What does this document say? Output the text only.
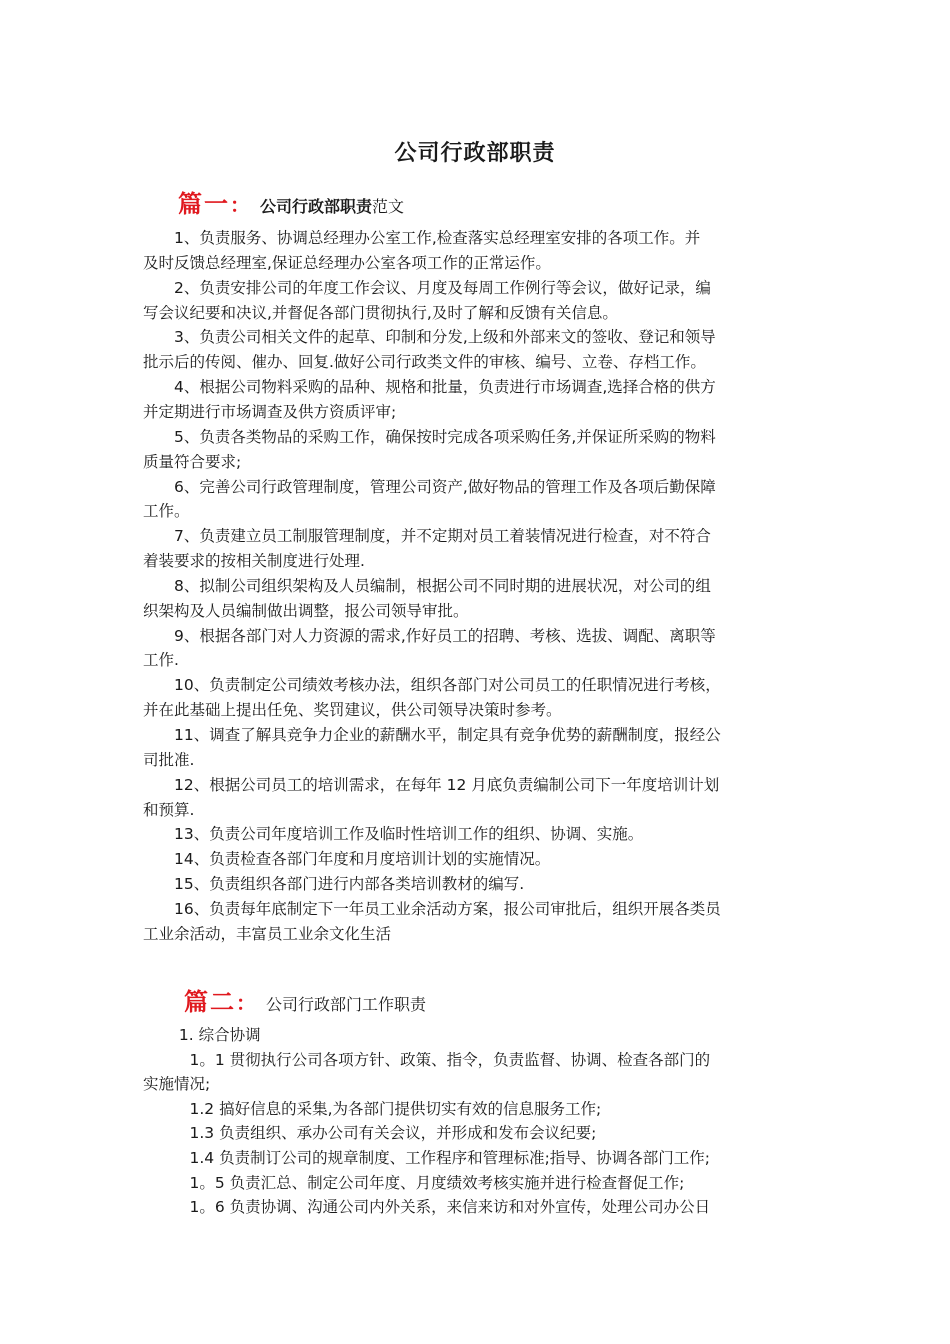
公司行政部职责
篇一 ： 公司行政部职责 范文
　　1、负责服务、协调总经理办公室工作,检查落实总经理室安排的各项工作。并
及时反馈总经理室,保证总经理办公室各项工作的正常运作。
　　2、负责安排公司的年度工作会议、月度及每周工作例行等会议，做好记录，编
写会议纪要和决议,并督促各部门贯彻执行,及时了解和反馈有关信息。
　　3、负责公司相关文件的起草、印制和分发,上级和外部来文的签收、登记和领导
批示后的传阅、催办、回复.做好公司行政类文件的审核、编号、立卷、存档工作。
　　4、根据公司物料采购的品种、规格和批量，负责进行市场调查,选择合格的供方
并定期进行市场调查及供方资质评审;
　　5、负责各类物品的采购工作，确保按时完成各项采购任务,并保证所采购的物料
质量符合要求;
　　6、完善公司行政管理制度，管理公司资产,做好物品的管理工作及各项后勤保障
工作。
　　7、负责建立员工制服管理制度，并不定期对员工着装情况进行检查，对不符合
着装要求的按相关制度进行处理.
　　8、拟制公司组织架构及人员编制，根据公司不同时期的进展状况，对公司的组
织架构及人员编制做出调整，报公司领导审批。
　　9、根据各部门对人力资源的需求,作好员工的招聘、考核、选拔、调配、离职等
工作.
　　10、负责制定公司绩效考核办法，组织各部门对公司员工的任职情况进行考核，
并在此基础上提出任免、奖罚建议，供公司领导决策时参考。
　　11、调查了解具竞争力企业的薪酬水平，制定具有竞争优势的薪酬制度，报经公
司批准.
　　12、根据公司员工的培训需求，在每年 12 月底负责编制公司下一年度培训计划
和预算.
　　13、负责公司年度培训工作及临时性培训工作的组织、协调、实施。
　　14、负责检查各部门年度和月度培训计划的实施情况。
　　15、负责组织各部门进行内部各类培训教材的编写.
　　16、负责每年底制定下一年员工业余活动方案，报公司审批后，组织开展各类员
工业余活动，丰富员工业余文化生活
篇二 ： 公司行政部门工作职责
　　 1. 综合协调
　　　1。1 贯彻执行公司各项方针、政策、指令，负责监督、协调、检查各部门的
实施情况;
　　　1.2 搞好信息的采集,为各部门提供切实有效的信息服务工作;
　　　1.3 负责组织、承办公司有关会议，并形成和发布会议纪要;
　　　1.4 负责制订公司的规章制度、工作程序和管理标准;指导、协调各部门工作;
　　　1。5 负责汇总、制定公司年度、月度绩效考核实施并进行检查督促工作;
　　　1。6 负责协调、沟通公司内外关系，来信来访和对外宣传，处理公司办公日
